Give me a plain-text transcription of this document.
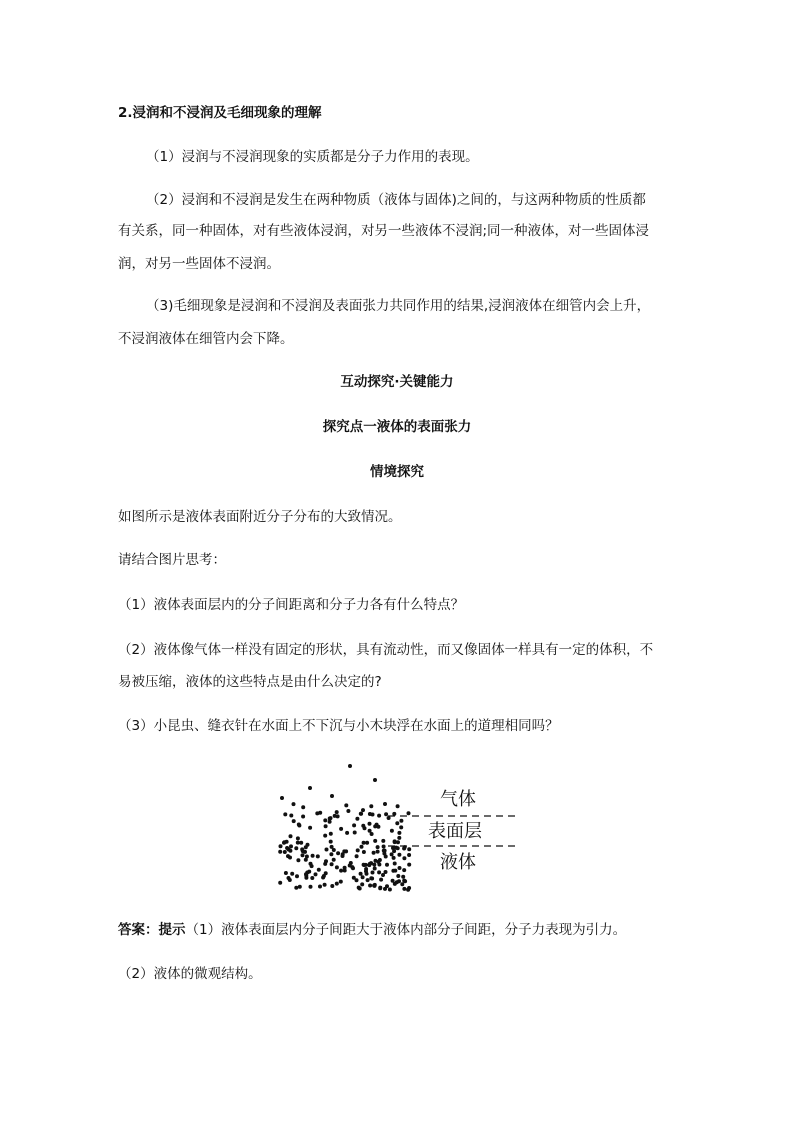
2.浸润和不浸润及毛细现象的理解
（1）浸润与不浸润现象的实质都是分子力作用的表现。
（2）浸润和不浸润是发生在两种物质（液体与固体)之间的，与这两种物质的性质都
有关系，同一种固体，对有些液体浸润，对另一些液体不浸润;同一种液体，对一些固体浸
润，对另一些固体不浸润。
（3)毛细现象是浸润和不浸润及表面张力共同作用的结果,浸润液体在细管内会上升，
不浸润液体在细管内会下降。
互动探究·关键能力
探究点一液体的表面张力
情境探究
如图所示是液体表面附近分子分布的大致情况。
请结合图片思考：
（1）液体表面层内的分子间距离和分子力各有什么特点？
（2）液体像气体一样没有固定的形状，具有流动性，而又像固体一样具有一定的体积，不
易被压缩，液体的这些特点是由什么决定的?
（3）小昆虫、缝衣针在水面上不下沉与小木块浮在水面上的道理相同吗？
气体
表面层
液体
答案：提示（1）液体表面层内分子间距大于液体内部分子间距，分子力表现为引力。
（2）液体的微观结构。
